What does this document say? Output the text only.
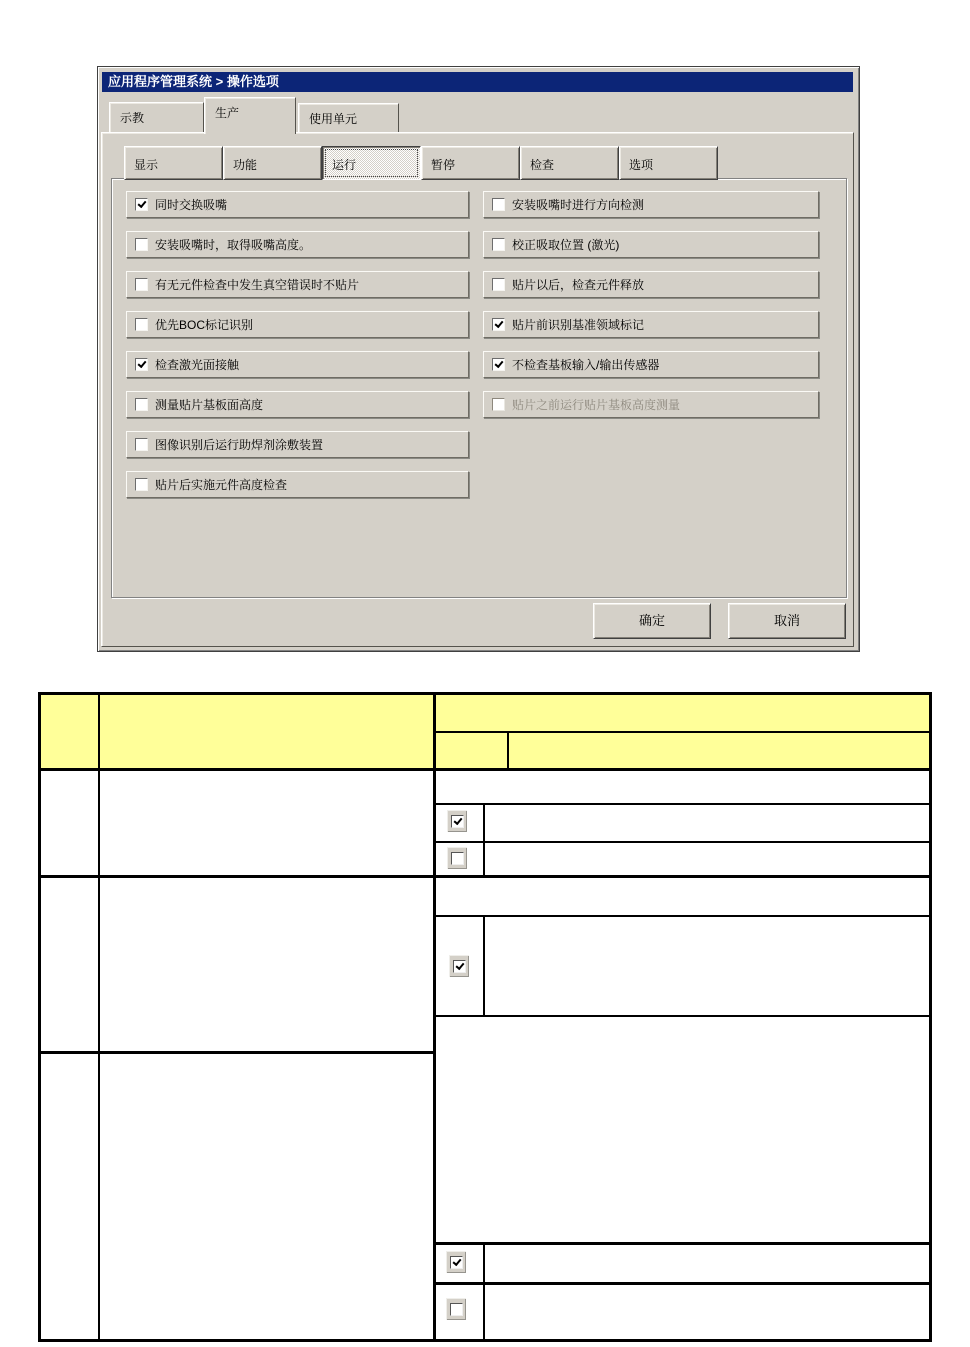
应用程序管理系统 > 操作选项
示教	生产	使用单元
显示	功能	运行	暂停	检查	选项
同时交换吸嘴
安装吸嘴时，取得吸嘴高度。
有无元件检查中发生真空错误时不贴片
优先BOC标记识别
检查激光面接触
测量贴片基板面高度
图像识别后运行助焊剂涂敷装置
贴片后实施元件高度检查
安装吸嘴时进行方向检测
校正吸取位置 (激光)
贴片以后，检查元件释放
贴片前识别基准领域标记
不检查基板输入/输出传感器
贴片之前运行贴片基板高度测量
确定	取消
